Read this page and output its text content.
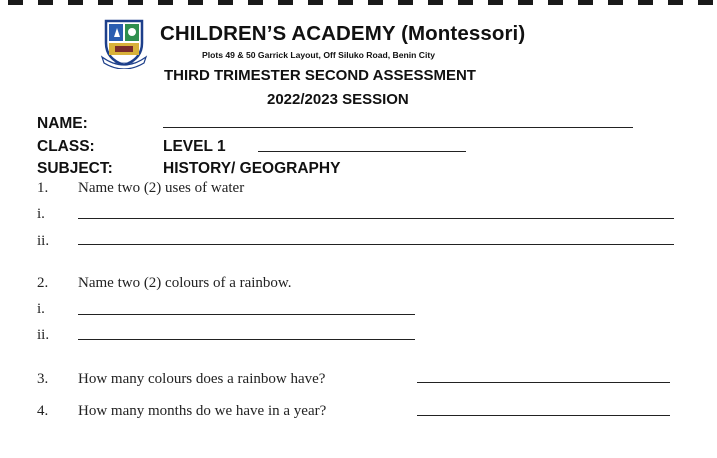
CHILDREN’S ACADEMY (Montessori)
Plots 49 & 50 Garrick Layout, Off Siluko Road, Benin City
THIRD TRIMESTER SECOND ASSESSMENT
2022/2023 SESSION
NAME:
CLASS:	LEVEL 1
SUBJECT:	HISTORY/ GEOGRAPHY
1. Name two (2) uses of water
i.
ii.
2. Name two (2) colours of a rainbow.
i.
ii.
3. How many colours does a rainbow have?
4. How many months do we have in a year?
